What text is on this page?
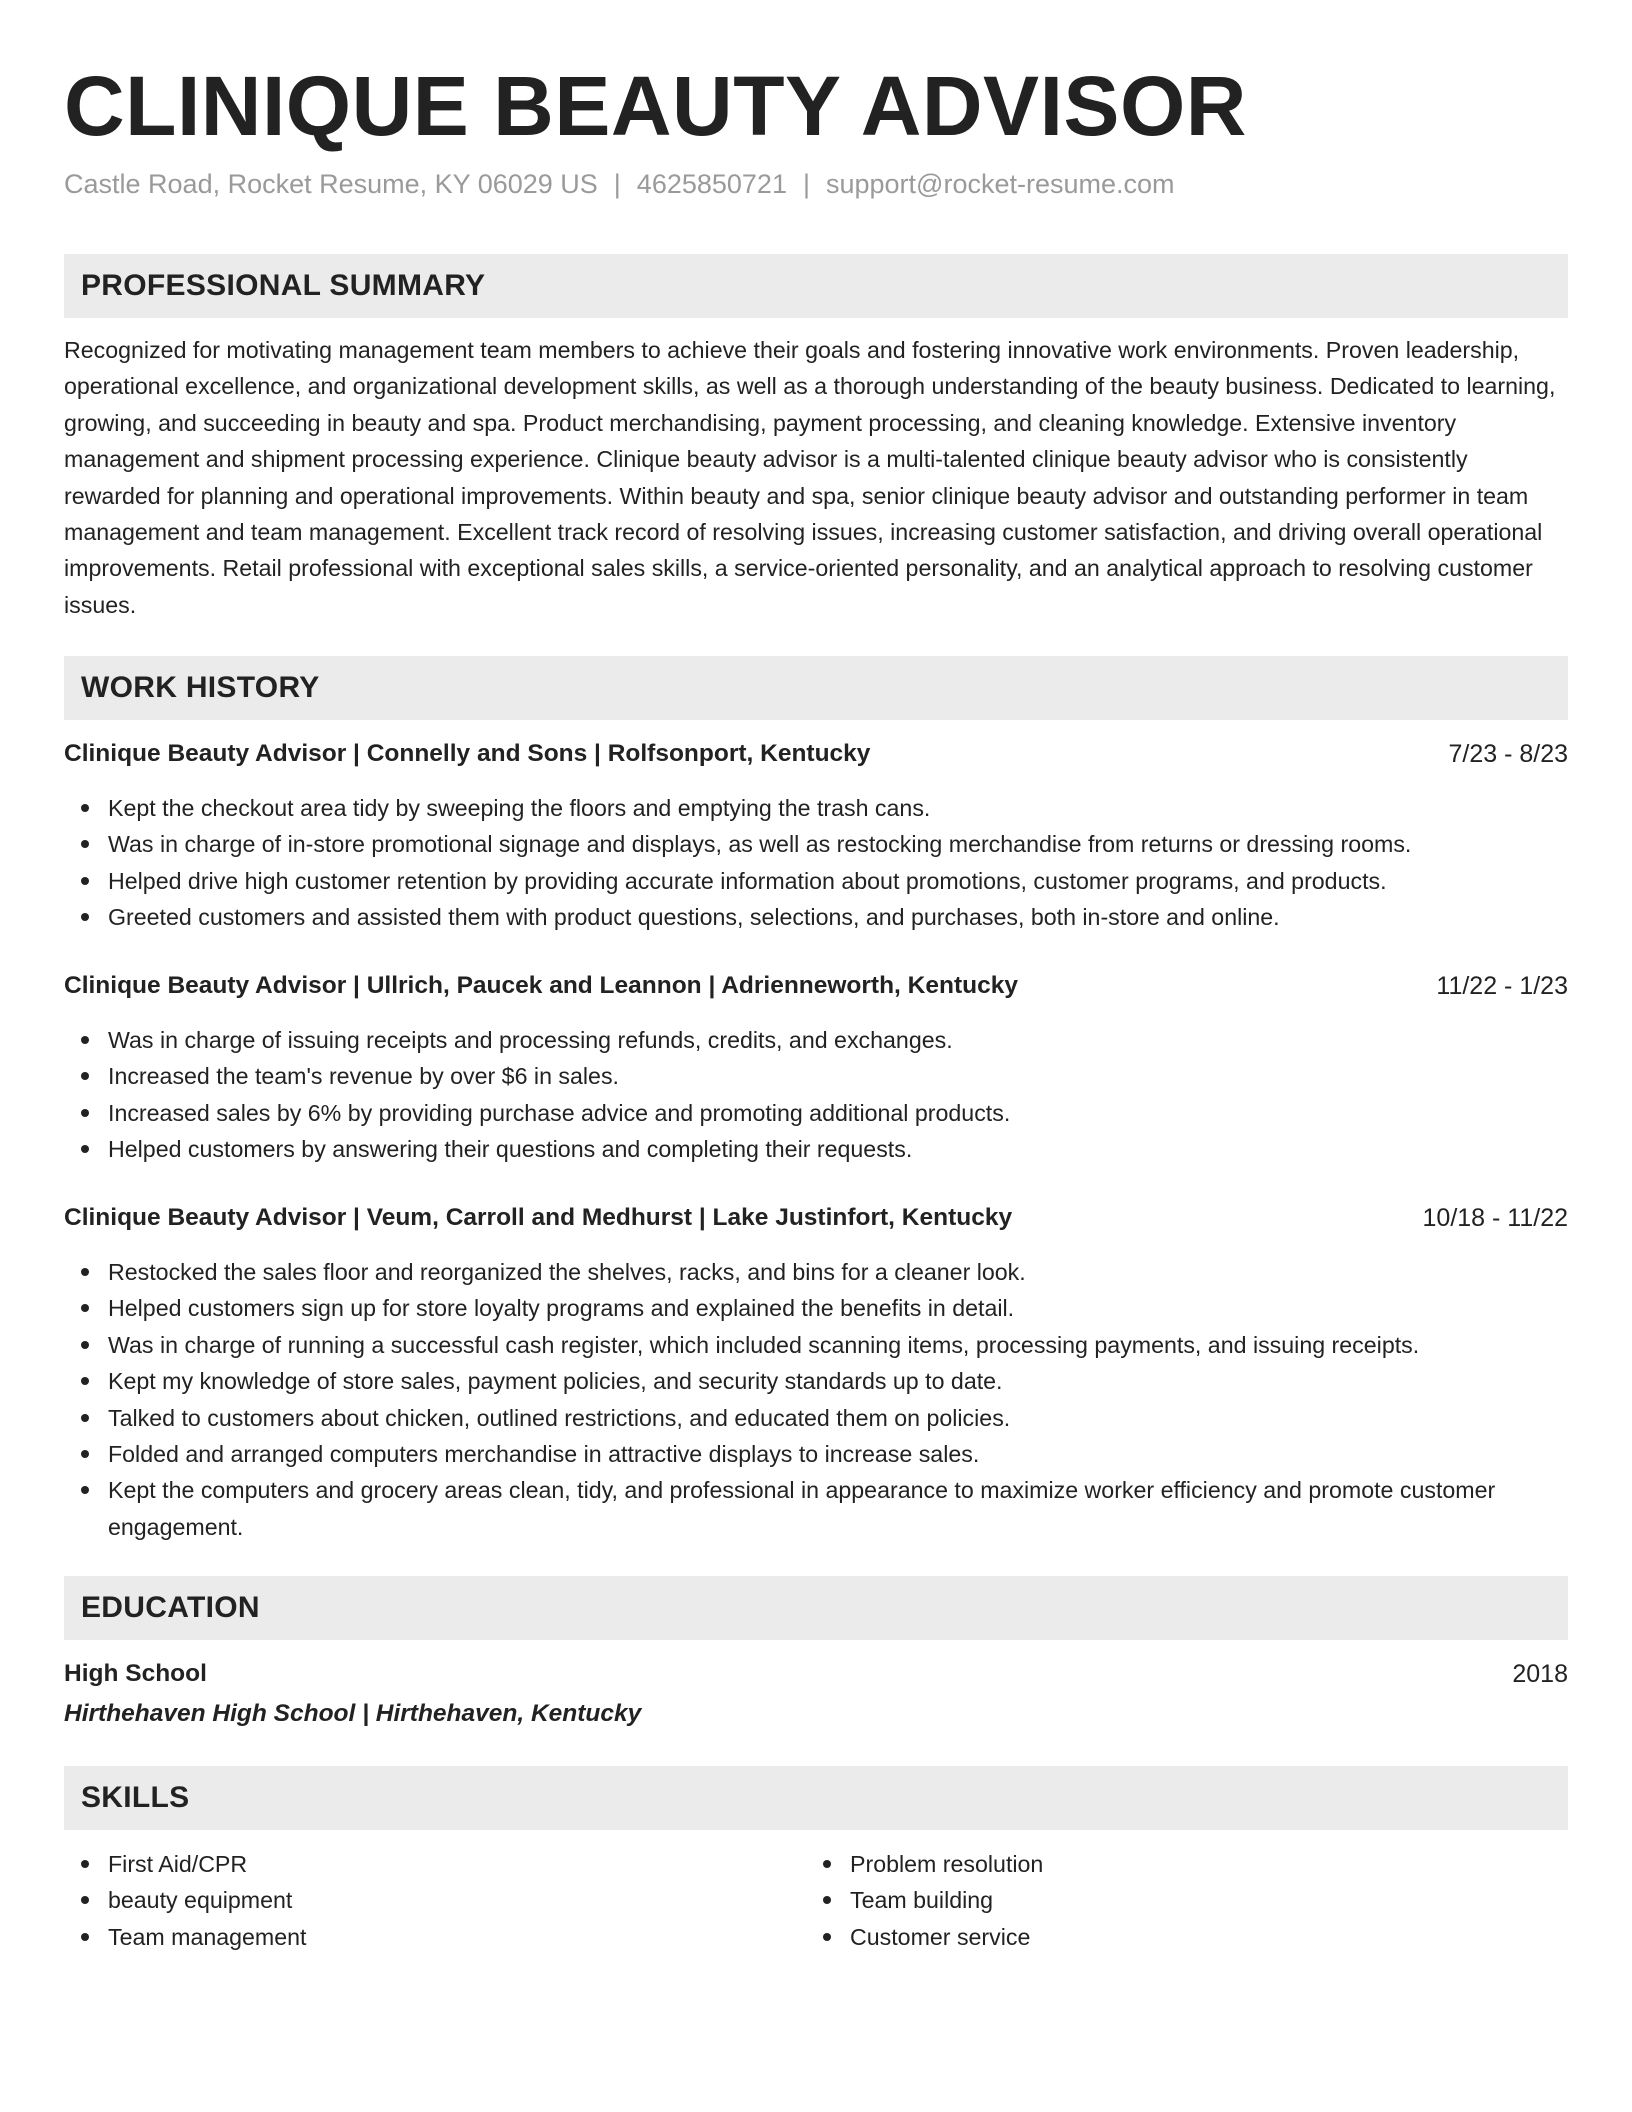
CLINIQUE BEAUTY ADVISOR
Castle Road, Rocket Resume, KY 06029 US | 4625850721 | support@rocket-resume.com
PROFESSIONAL SUMMARY

Recognized for motivating management team members to achieve their goals and fostering innovative work environments. Proven leadership, operational excellence, and organizational development skills, as well as a thorough understanding of the beauty business. Dedicated to learning, growing, and succeeding in beauty and spa. Product merchandising, payment processing, and cleaning knowledge. Extensive inventory management and shipment processing experience. Clinique beauty advisor is a multi-talented clinique beauty advisor who is consistently rewarded for planning and operational improvements. Within beauty and spa, senior clinique beauty advisor and outstanding performer in team management and team management. Excellent track record of resolving issues, increasing customer satisfaction, and driving overall operational improvements. Retail professional with exceptional sales skills, a service-oriented personality, and an analytical approach to resolving customer issues.

WORK HISTORY
Clinique Beauty Advisor | Connelly and Sons | Rolfsonport, Kentucky	7/23 - 8/23
Kept the checkout area tidy by sweeping the floors and emptying the trash cans.
Was in charge of in-store promotional signage and displays, as well as restocking merchandise from returns or dressing rooms.
Helped drive high customer retention by providing accurate information about promotions, customer programs, and products.
Greeted customers and assisted them with product questions, selections, and purchases, both in-store and online.
Clinique Beauty Advisor | Ullrich, Paucek and Leannon | Adrienneworth, Kentucky	11/22 - 1/23
Was in charge of issuing receipts and processing refunds, credits, and exchanges.
Increased the team's revenue by over $6 in sales.
Increased sales by 6% by providing purchase advice and promoting additional products.
Helped customers by answering their questions and completing their requests.
Clinique Beauty Advisor | Veum, Carroll and Medhurst | Lake Justinfort, Kentucky	10/18 - 11/22
Restocked the sales floor and reorganized the shelves, racks, and bins for a cleaner look.
Helped customers sign up for store loyalty programs and explained the benefits in detail.
Was in charge of running a successful cash register, which included scanning items, processing payments, and issuing receipts.
Kept my knowledge of store sales, payment policies, and security standards up to date.
Talked to customers about chicken, outlined restrictions, and educated them on policies.
Folded and arranged computers merchandise in attractive displays to increase sales.
Kept the computers and grocery areas clean, tidy, and professional in appearance to maximize worker efficiency and promote customer engagement.
EDUCATION
High School	2018
Hirthehaven High School | Hirthehaven, Kentucky
SKILLS
First Aid/CPR
beauty equipment
Team management
Problem resolution
Team building
Customer service
